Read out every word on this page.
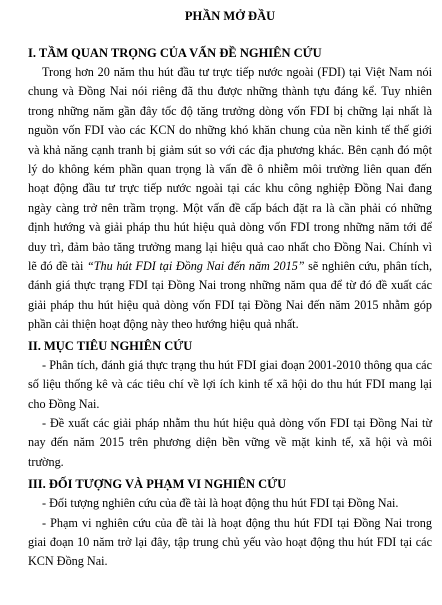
PHẦN MỞ ĐẦU
I. TẦM QUAN TRỌNG CỦA VẤN ĐỀ NGHIÊN CỨU

Trong hơn 20 năm thu hút đầu tư trực tiếp nước ngoài (FDI) tại Việt Nam nói chung và Đồng Nai nói riêng đã thu được những thành tựu đáng kể. Tuy nhiên trong những năm gần đây tốc độ tăng trưởng dòng vốn FDI bị chững lại nhất là nguồn vốn FDI vào các KCN do những khó khăn chung của nền kinh tế thế giới và khả năng cạnh tranh bị giảm sút so với các địa phương khác. Bên cạnh đó một lý do không kém phần quan trọng là vấn đề ô nhiễm môi trường liên quan đến hoạt động đầu tư trực tiếp nước ngoài tại các khu công nghiệp Đồng Nai đang ngày càng trở nên trầm trọng. Một vấn đề cấp bách đặt ra là cần phải có những định hướng và giải pháp thu hút hiệu quả dòng vốn FDI trong những năm tới để duy trì, đảm bảo tăng trưởng mang lại hiệu quả cao nhất cho Đồng Nai. Chính vì lẽ đó đề tài “Thu hút FDI tại Đồng Nai đến năm 2015” sẽ nghiên cứu, phân tích, đánh giá thực trạng FDI tại Đồng Nai trong những năm qua để từ đó đề xuất các giải pháp thu hút hiệu quả dòng vốn FDI tại Đồng Nai đến năm 2015 nhằm góp phần cải thiện hoạt động này theo hướng hiệu quả nhất.

II. MỤC TIÊU NGHIÊN CỨU

- Phân tích, đánh giá thực trạng thu hút FDI giai đoạn 2001-2010 thông qua các số liệu thống kê và các tiêu chí về lợi ích kinh tế xã hội do thu hút FDI mang lại cho Đồng Nai.

- Đề xuất các giải pháp nhằm thu hút hiệu quả dòng vốn FDI tại Đồng Nai từ nay đến năm 2015 trên phương diện bền vững về mặt kinh tế, xã hội và môi trường.

III. ĐỐI TƯỢNG VÀ PHẠM VI NGHIÊN CỨU

- Đối tượng nghiên cứu của đề tài là hoạt động thu hút FDI tại Đồng Nai.

- Phạm vi nghiên cứu của đề tài là hoạt động thu hút FDI tại Đồng Nai trong giai đoạn 10 năm trở lại đây, tập trung chủ yếu vào hoạt động thu hút FDI tại các KCN Đồng Nai.
